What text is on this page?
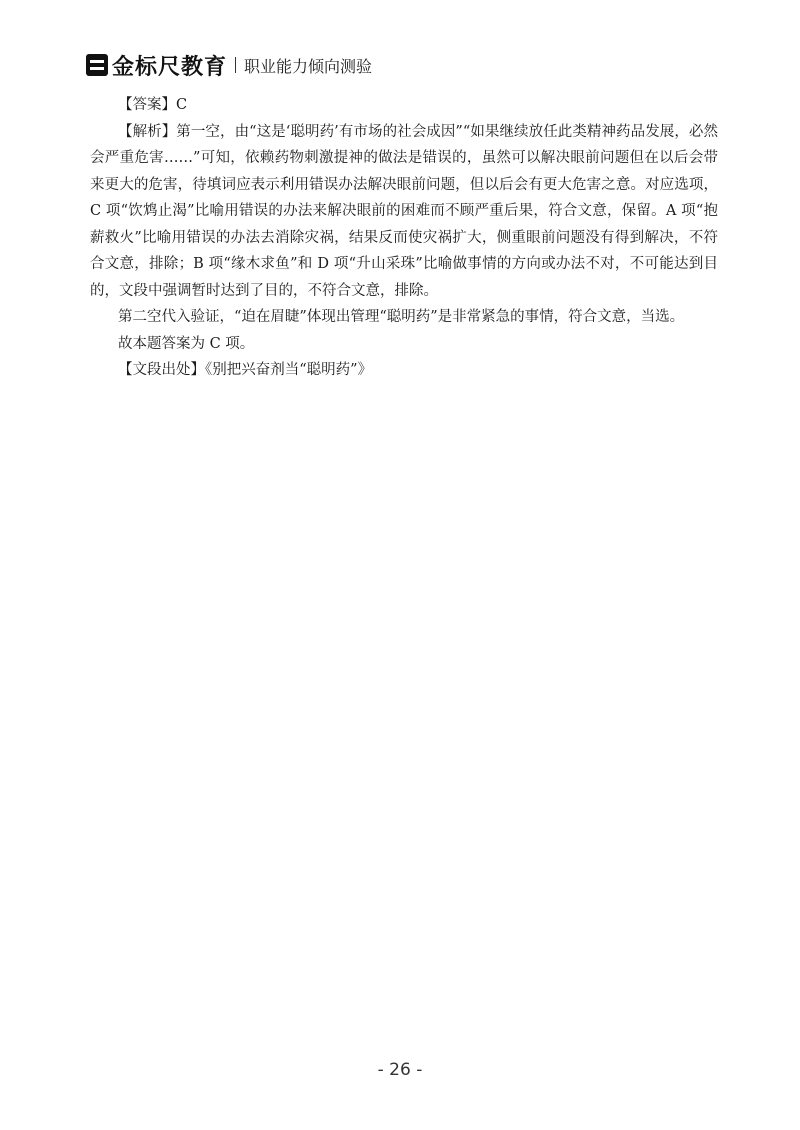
金标尺教育 职业能力倾向测验

【答案】C

【解析】第一空，由“这是‘聪明药’有市场的社会成因”“如果继续放任此类精神药品发展，必然会严重危害……”可知，依赖药物刺激提神的做法是错误的，虽然可以解决眼前问题但在以后会带来更大的危害，待填词应表示利用错误办法解决眼前问题，但以后会有更大危害之意。对应选项，C 项“饮鸩止渴”比喻用错误的办法来解决眼前的困难而不顾严重后果，符合文意，保留。A 项“抱薪救火”比喻用错误的办法去消除灾祸，结果反而使灾祸扩大，侧重眼前问题没有得到解决，不符合文意，排除；B 项“缘木求鱼”和 D 项“升山采珠”比喻做事情的方向或办法不对，不可能达到目的，文段中强调暂时达到了目的，不符合文意，排除。

第二空代入验证，“迫在眉睫”体现出管理“聪明药”是非常紧急的事情，符合文意，当选。

故本题答案为 C 项。

【文段出处】《别把兴奋剂当“聪明药”》

- 26 -
